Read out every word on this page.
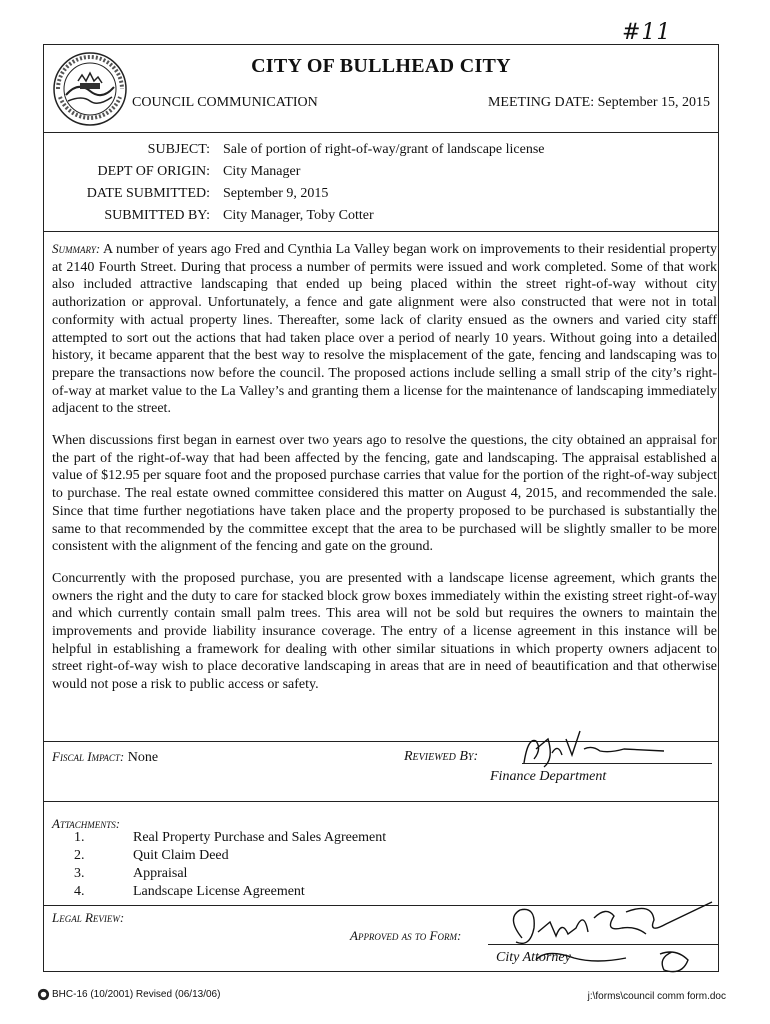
#11
CITY OF BULLHEAD CITY
COUNCIL COMMUNICATION	MEETING DATE: September 15, 2015
SUBJECT: Sale of portion of right-of-way/grant of landscape license
DEPT OF ORIGIN: City Manager
DATE SUBMITTED: September 9, 2015
SUBMITTED BY: City Manager, Toby Cotter

Summary: A number of years ago Fred and Cynthia La Valley began work on improvements to their residential property at 2140 Fourth Street. During that process a number of permits were issued and work completed. Some of that work also included attractive landscaping that ended up being placed within the street right-of-way without city authorization or approval. Unfortunately, a fence and gate alignment were also constructed that were not in total conformity with actual property lines. Thereafter, some lack of clarity ensued as the owners and varied city staff attempted to sort out the actions that had taken place over a period of nearly 10 years. Without going into a detailed history, it became apparent that the best way to resolve the misplacement of the gate, fencing and landscaping was to prepare the transactions now before the council. The proposed actions include selling a small strip of the city’s right-of-way at market value to the La Valley’s and granting them a license for the maintenance of landscaping immediately adjacent to the street.

When discussions first began in earnest over two years ago to resolve the questions, the city obtained an appraisal for the part of the right-of-way that had been affected by the fencing, gate and landscaping. The appraisal established a value of $12.95 per square foot and the proposed purchase carries that value for the portion of the right-of-way subject to purchase. The real estate owned committee considered this matter on August 4, 2015, and recommended the sale. Since that time further negotiations have taken place and the property proposed to be purchased is substantially the same to that recommended by the committee except that the area to be purchased will be slightly smaller to be more consistent with the alignment of the fencing and gate on the ground.

Concurrently with the proposed purchase, you are presented with a landscape license agreement, which grants the owners the right and the duty to care for stacked block grow boxes immediately within the existing street right-of-way and which currently contain small palm trees. This area will not be sold but requires the owners to maintain the improvements and provide liability insurance coverage. The entry of a license agreement in this instance will be helpful in establishing a framework for dealing with other similar situations in which property owners adjacent to street right-of-way wish to place decorative landscaping in areas that are in need of beautification and that otherwise would not pose a risk to public access or safety.

Fiscal Impact: None	Reviewed By:
Finance Department
Attachments:
1.	Real Property Purchase and Sales Agreement
2.	Quit Claim Deed
3.	Appraisal
4.	Landscape License Agreement
Legal Review:
Approved as to Form:
City Attorney
BHC-16 (10/2001) Revised (06/13/06)	j:\forms\council comm form.doc
